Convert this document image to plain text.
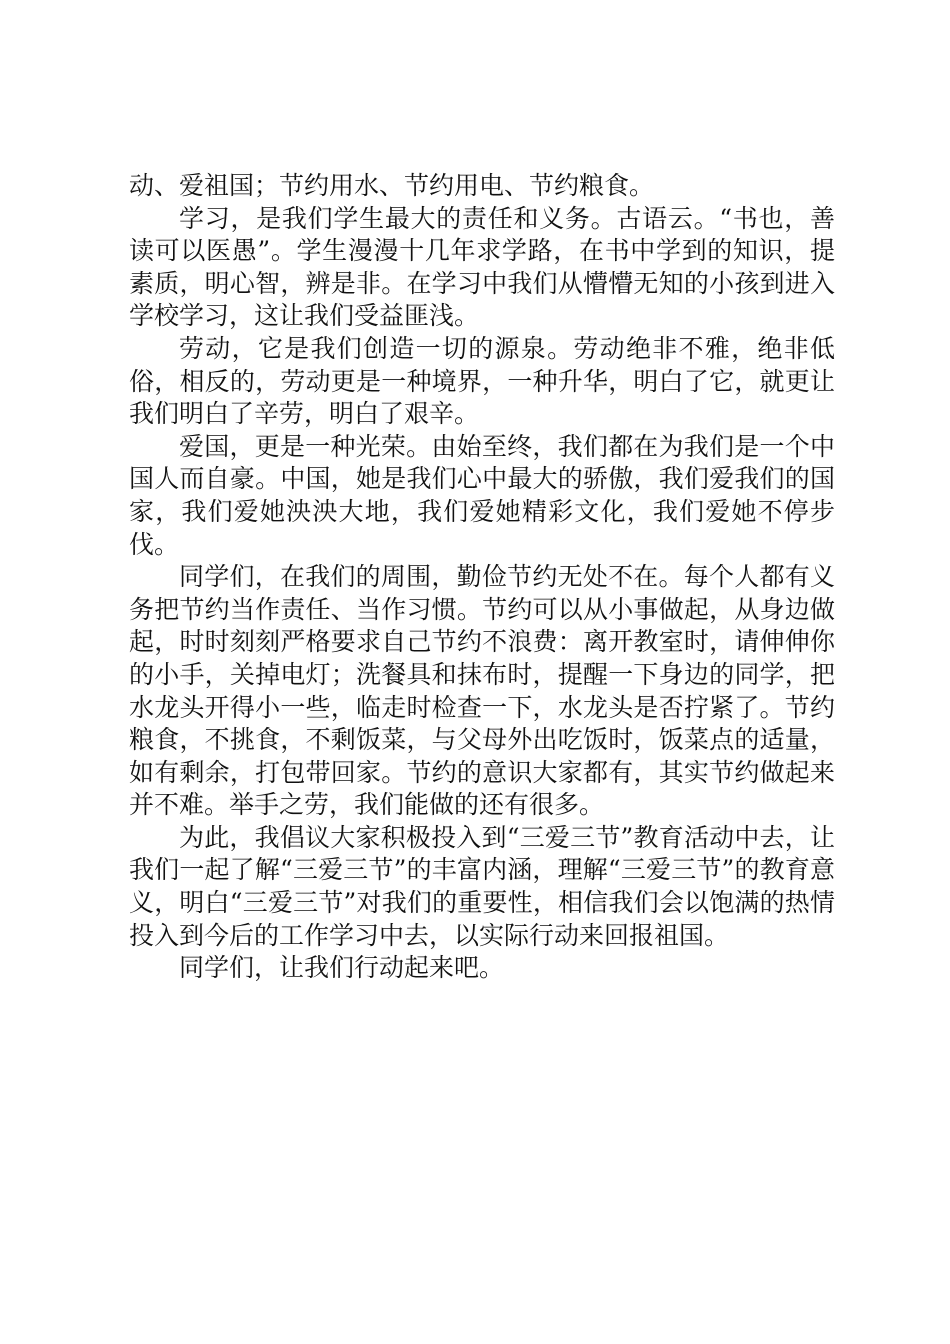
动、爱祖国；节约用水、节约用电、节约粮食。

学习，是我们学生最大的责任和义务。古语云。“书也，善读可以医愚”。学生漫漫十几年求学路，在书中学到的知识，提素质，明心智，辨是非。在学习中我们从懵懵无知的小孩到进入学校学习，这让我们受益匪浅。

劳动，它是我们创造一切的源泉。劳动绝非不雅，绝非低俗，相反的，劳动更是一种境界，一种升华，明白了它，就更让我们明白了辛劳，明白了艰辛。

爱国，更是一种光荣。由始至终，我们都在为我们是一个中国人而自豪。中国，她是我们心中最大的骄傲，我们爱我们的国家，我们爱她泱泱大地，我们爱她精彩文化，我们爱她不停步伐。

同学们，在我们的周围，勤俭节约无处不在。每个人都有义务把节约当作责任、当作习惯。节约可以从小事做起，从身边做起，时时刻刻严格要求自己节约不浪费：离开教室时，请伸伸你的小手，关掉电灯；洗餐具和抹布时，提醒一下身边的同学，把水龙头开得小一些，临走时检查一下，水龙头是否拧紧了。节约粮食，不挑食，不剩饭菜，与父母外出吃饭时，饭菜点的适量，如有剩余，打包带回家。节约的意识大家都有，其实节约做起来并不难。举手之劳，我们能做的还有很多。

为此，我倡议大家积极投入到“三爱三节”教育活动中去，让我们一起了解“三爱三节”的丰富内涵，理解“三爱三节”的教育意义，明白“三爱三节”对我们的重要性，相信我们会以饱满的热情投入到今后的工作学习中去，以实际行动来回报祖国。

同学们，让我们行动起来吧。
